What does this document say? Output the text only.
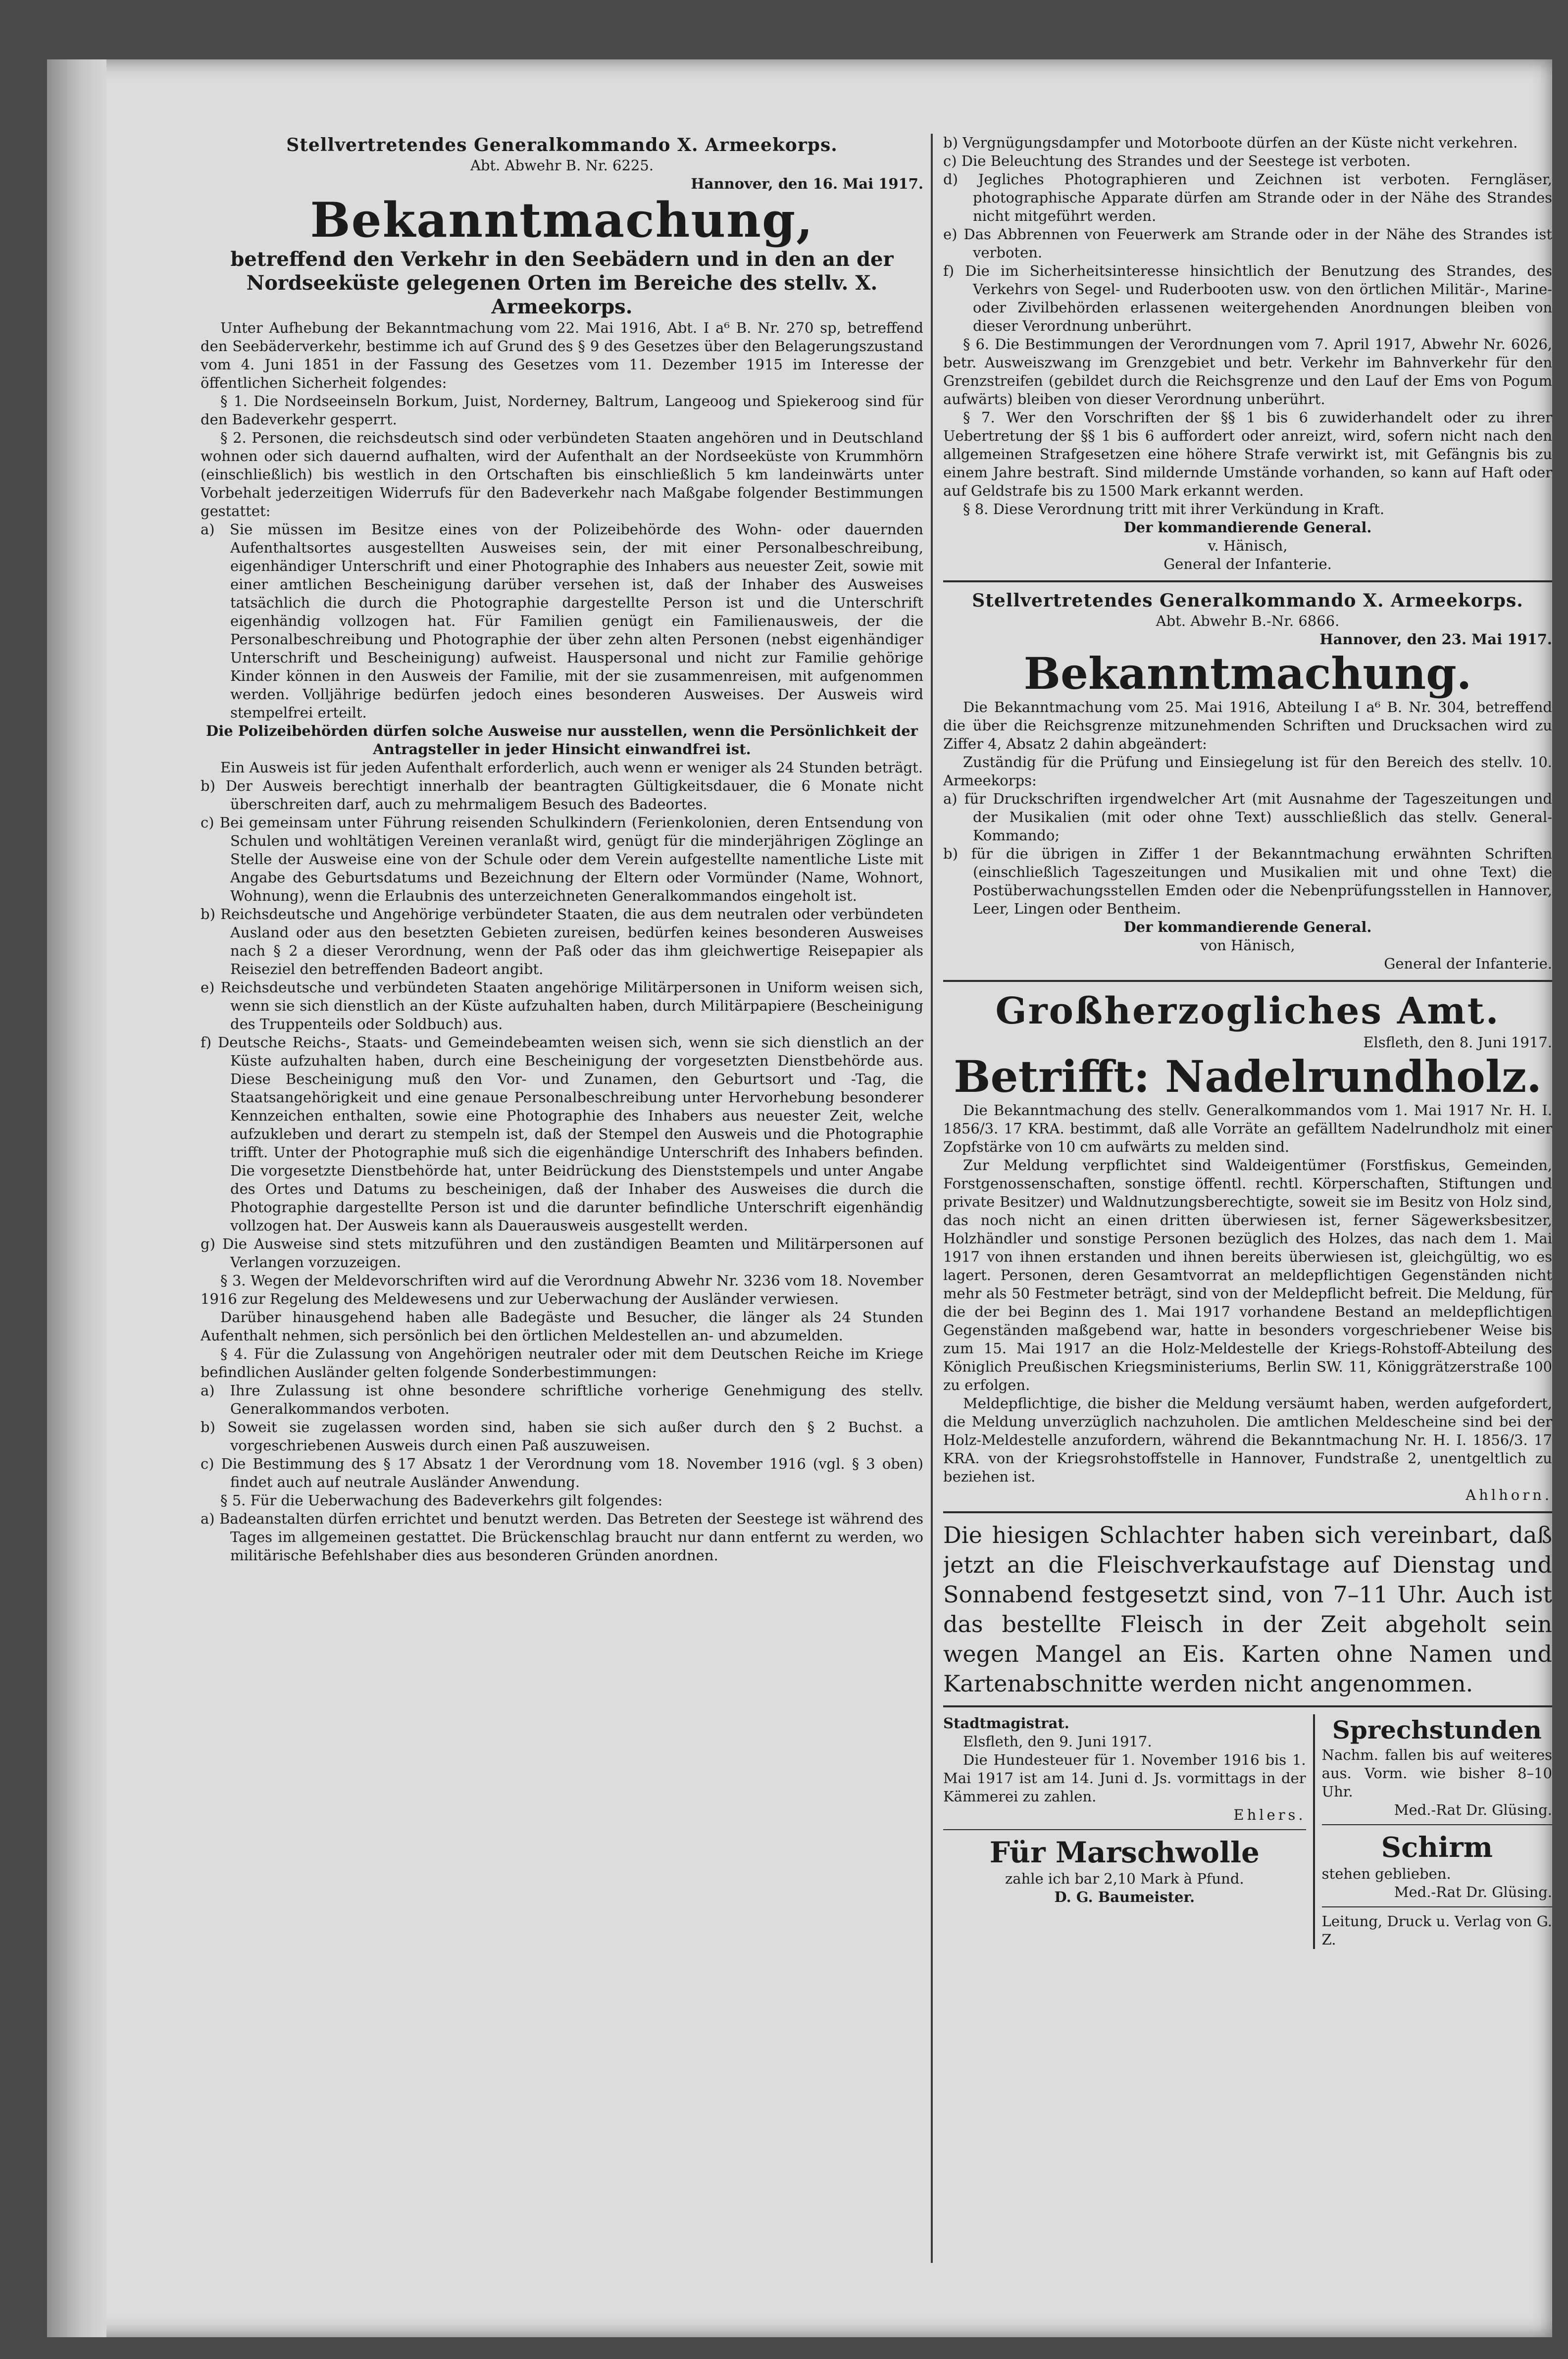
Stellvertretendes Generalkommando X. Armeekorps.

Abt. Abwehr B. Nr. 6225.

Hannover, den 16. Mai 1917.

Bekanntmachung,
betreffend den Verkehr in den Seebädern und in den an der Nordseeküste gelegenen Orten im Bereiche des stellv. X. Armeekorps.

Unter Aufhebung der Bekanntmachung vom 22. Mai 1916, Abt. I a⁶ B. Nr. 270 sp, betreffend den Seebäderverkehr, bestimme ich auf Grund des § 9 des Gesetzes über den Belagerungszustand vom 4. Juni 1851 in der Fassung des Gesetzes vom 11. Dezember 1915 im Interesse der öffentlichen Sicherheit folgendes:

§ 1. Die Nordseeinseln Borkum, Juist, Norderney, Baltrum, Langeoog und Spiekeroog sind für den Badeverkehr gesperrt.

§ 2. Personen, die reichsdeutsch sind oder verbündeten Staaten angehören und in Deutschland wohnen oder sich dauernd aufhalten, wird der Aufenthalt an der Nordseeküste von Krummhörn (einschließlich) bis westlich in den Ortschaften bis einschließlich 5 km landeinwärts unter Vorbehalt jederzeitigen Widerrufs für den Badeverkehr nach Maßgabe folgender Bestimmungen gestattet:

a) Sie müssen im Besitze eines von der Polizeibehörde des Wohn- oder dauernden Aufenthaltsortes ausgestellten Ausweises sein, der mit einer Personalbeschreibung, eigenhändiger Unterschrift und einer Photographie des Inhabers aus neuester Zeit, sowie mit einer amtlichen Bescheinigung darüber versehen ist, daß der Inhaber des Ausweises tatsächlich die durch die Photographie dargestellte Person ist und die Unterschrift eigenhändig vollzogen hat. Für Familien genügt ein Familienausweis, der die Personalbeschreibung und Photographie der über zehn alten Personen (nebst eigenhändiger Unterschrift und Bescheinigung) aufweist. Hauspersonal und nicht zur Familie gehörige Kinder können in den Ausweis der Familie, mit der sie zusammenreisen, mit aufgenommen werden. Volljährige bedürfen jedoch eines besonderen Ausweises. Der Ausweis wird stempelfrei erteilt.

Die Polizeibehörden dürfen solche Ausweise nur ausstellen, wenn die Persönlichkeit der Antragsteller in jeder Hinsicht einwandfrei ist.

Ein Ausweis ist für jeden Aufenthalt erforderlich, auch wenn er weniger als 24 Stunden beträgt.

b) Der Ausweis berechtigt innerhalb der beantragten Gültigkeitsdauer, die 6 Monate nicht überschreiten darf, auch zu mehrmaligem Besuch des Badeortes.

c) Bei gemeinsam unter Führung reisenden Schulkindern (Ferienkolonien, deren Entsendung von Schulen und wohltätigen Vereinen veranlaßt wird, genügt für die minderjährigen Zöglinge an Stelle der Ausweise eine von der Schule oder dem Verein aufgestellte namentliche Liste mit Angabe des Geburtsdatums und Bezeichnung der Eltern oder Vormünder (Name, Wohnort, Wohnung), wenn die Erlaubnis des unterzeichneten Generalkommandos eingeholt ist.

b) Reichsdeutsche und Angehörige verbündeter Staaten, die aus dem neutralen oder verbündeten Ausland oder aus den besetzten Gebieten zureisen, bedürfen keines besonderen Ausweises nach § 2 a dieser Verordnung, wenn der Paß oder das ihm gleichwertige Reisepapier als Reiseziel den betreffenden Badeort angibt.

e) Reichsdeutsche und verbündeten Staaten angehörige Militärpersonen in Uniform weisen sich, wenn sie sich dienstlich an der Küste aufzuhalten haben, durch Militärpapiere (Bescheinigung des Truppenteils oder Soldbuch) aus.

f) Deutsche Reichs-, Staats- und Gemeindebeamten weisen sich, wenn sie sich dienstlich an der Küste aufzuhalten haben, durch eine Bescheinigung der vorgesetzten Dienstbehörde aus. Diese Bescheinigung muß den Vor- und Zunamen, den Geburtsort und -Tag, die Staatsangehörigkeit und eine genaue Personalbeschreibung unter Hervorhebung besonderer Kennzeichen enthalten, sowie eine Photographie des Inhabers aus neuester Zeit, welche aufzukleben und derart zu stempeln ist, daß der Stempel den Ausweis und die Photographie trifft. Unter der Photographie muß sich die eigenhändige Unterschrift des Inhabers befinden. Die vorgesetzte Dienstbehörde hat, unter Beidrückung des Dienststempels und unter Angabe des Ortes und Datums zu bescheinigen, daß der Inhaber des Ausweises die durch die Photographie dargestellte Person ist und die darunter befindliche Unterschrift eigenhändig vollzogen hat. Der Ausweis kann als Dauerausweis ausgestellt werden.

g) Die Ausweise sind stets mitzuführen und den zuständigen Beamten und Militärpersonen auf Verlangen vorzuzeigen.

§ 3. Wegen der Meldevorschriften wird auf die Verordnung Abwehr Nr. 3236 vom 18. November 1916 zur Regelung des Meldewesens und zur Ueberwachung der Ausländer verwiesen.

Darüber hinausgehend haben alle Badegäste und Besucher, die länger als 24 Stunden Aufenthalt nehmen, sich persönlich bei den örtlichen Meldestellen an- und abzumelden.

§ 4. Für die Zulassung von Angehörigen neutraler oder mit dem Deutschen Reiche im Kriege befindlichen Ausländer gelten folgende Sonderbestimmungen:

a) Ihre Zulassung ist ohne besondere schriftliche vorherige Genehmigung des stellv. Generalkommandos verboten.

b) Soweit sie zugelassen worden sind, haben sie sich außer durch den § 2 Buchst. a vorgeschriebenen Ausweis durch einen Paß auszuweisen.

c) Die Bestimmung des § 17 Absatz 1 der Verordnung vom 18. November 1916 (vgl. § 3 oben) findet auch auf neutrale Ausländer Anwendung.

§ 5. Für die Ueberwachung des Badeverkehrs gilt folgendes:

a) Badeanstalten dürfen errichtet und benutzt werden. Das Betreten der Seestege ist während des Tages im allgemeinen gestattet. Die Brückenschlag braucht nur dann entfernt zu werden, wo militärische Befehlshaber dies aus besonderen Gründen anordnen.

b) Vergnügungsdampfer und Motorboote dürfen an der Küste nicht verkehren.

c) Die Beleuchtung des Strandes und der Seestege ist verboten.

d) Jegliches Photographieren und Zeichnen ist verboten. Ferngläser, photographische Apparate dürfen am Strande oder in der Nähe des Strandes nicht mitgeführt werden.

e) Das Abbrennen von Feuerwerk am Strande oder in der Nähe des Strandes ist verboten.

f) Die im Sicherheitsinteresse hinsichtlich der Benutzung des Strandes, des Verkehrs von Segel- und Ruderbooten usw. von den örtlichen Militär-, Marine- oder Zivilbehörden erlassenen weitergehenden Anordnungen bleiben von dieser Verordnung unberührt.

§ 6. Die Bestimmungen der Verordnungen vom 7. April 1917, Abwehr Nr. 6026, betr. Ausweiszwang im Grenzgebiet und betr. Verkehr im Bahnverkehr für den Grenzstreifen (gebildet durch die Reichsgrenze und den Lauf der Ems von Pogum aufwärts) bleiben von dieser Verordnung unberührt.

§ 7. Wer den Vorschriften der §§ 1 bis 6 zuwiderhandelt oder zu ihrer Uebertretung der §§ 1 bis 6 auffordert oder anreizt, wird, sofern nicht nach den allgemeinen Strafgesetzen eine höhere Strafe verwirkt ist, mit Gefängnis bis zu einem Jahre bestraft. Sind mildernde Umstände vorhanden, so kann auf Haft oder auf Geldstrafe bis zu 1500 Mark erkannt werden.

§ 8. Diese Verordnung tritt mit ihrer Verkündung in Kraft.

Der kommandierende General.

v. Hänisch,

General der Infanterie.

Stellvertretendes Generalkommando X. Armeekorps.

Abt. Abwehr B.-Nr. 6866.

Hannover, den 23. Mai 1917.

Bekanntmachung.

Die Bekanntmachung vom 25. Mai 1916, Abteilung I a⁶ B. Nr. 304, betreffend die über die Reichsgrenze mitzunehmenden Schriften und Drucksachen wird zu Ziffer 4, Absatz 2 dahin abgeändert:

Zuständig für die Prüfung und Einsiegelung ist für den Bereich des stellv. 10. Armeekorps:

a) für Druckschriften irgendwelcher Art (mit Ausnahme der Tageszeitungen und der Musikalien (mit oder ohne Text) ausschließlich das stellv. General-Kommando;

b) für die übrigen in Ziffer 1 der Bekanntmachung erwähnten Schriften (einschließlich Tageszeitungen und Musikalien mit und ohne Text) die Postüberwachungsstellen Emden oder die Nebenprüfungsstellen in Hannover, Leer, Lingen oder Bentheim.

Der kommandierende General.

von Hänisch,

General der Infanterie.

Großherzogliches Amt.

Elsfleth, den 8. Juni 1917.

Betrifft: Nadelrundholz.

Die Bekanntmachung des stellv. Generalkommandos vom 1. Mai 1917 Nr. H. I. 1856/3. 17 KRA. bestimmt, daß alle Vorräte an gefälltem Nadelrundholz mit einer Zopfstärke von 10 cm aufwärts zu melden sind.

Zur Meldung verpflichtet sind Waldeigentümer (Forstfiskus, Gemeinden, Forstgenossenschaften, sonstige öffentl. rechtl. Körperschaften, Stiftungen und private Besitzer) und Waldnutzungsberechtigte, soweit sie im Besitz von Holz sind, das noch nicht an einen dritten überwiesen ist, ferner Sägewerksbesitzer, Holzhändler und sonstige Personen bezüglich des Holzes, das nach dem 1. Mai 1917 von ihnen erstanden und ihnen bereits überwiesen ist, gleichgültig, wo es lagert. Personen, deren Gesamtvorrat an meldepflichtigen Gegenständen nicht mehr als 50 Festmeter beträgt, sind von der Meldepflicht befreit. Die Meldung, für die der bei Beginn des 1. Mai 1917 vorhandene Bestand an meldepflichtigen Gegenständen maßgebend war, hatte in besonders vorgeschriebener Weise bis zum 15. Mai 1917 an die Holz-Meldestelle der Kriegs-Rohstoff-Abteilung des Königlich Preußischen Kriegsministeriums, Berlin SW. 11, Königgrätzerstraße 100 zu erfolgen.

Meldepflichtige, die bisher die Meldung versäumt haben, werden aufgefordert, die Meldung unverzüglich nachzuholen. Die amtlichen Meldescheine sind bei der Holz-Meldestelle anzufordern, während die Bekanntmachung Nr. H. I. 1856/3. 17 KRA. von der Kriegsrohstoffstelle in Hannover, Fundstraße 2, unentgeltlich zu beziehen ist.

Ahlhorn.

Die hiesigen Schlachter haben sich vereinbart, daß jetzt an die Fleischverkaufstage auf Dienstag und Sonnabend festgesetzt sind, von 7–11 Uhr. Auch ist das bestellte Fleisch in der Zeit abgeholt sein wegen Mangel an Eis. Karten ohne Namen und Kartenabschnitte werden nicht angenommen.

Stadtmagistrat.

Elsfleth, den 9. Juni 1917.

Die Hundesteuer für 1. November 1916 bis 1. Mai 1917 ist am 14. Juni d. Js. vormittags in der Kämmerei zu zahlen.

Ehlers.

Für Marschwolle

zahle ich bar 2,10 Mark à Pfund.

D. G. Baumeister.

Sprechstunden

Nachm. fallen bis auf weiteres aus. Vorm. wie bisher 8–10 Uhr.

Med.-Rat Dr. Glüsing.

Schirm

stehen geblieben.

Med.-Rat Dr. Glüsing.

Leitung, Druck u. Verlag von G. Z.
